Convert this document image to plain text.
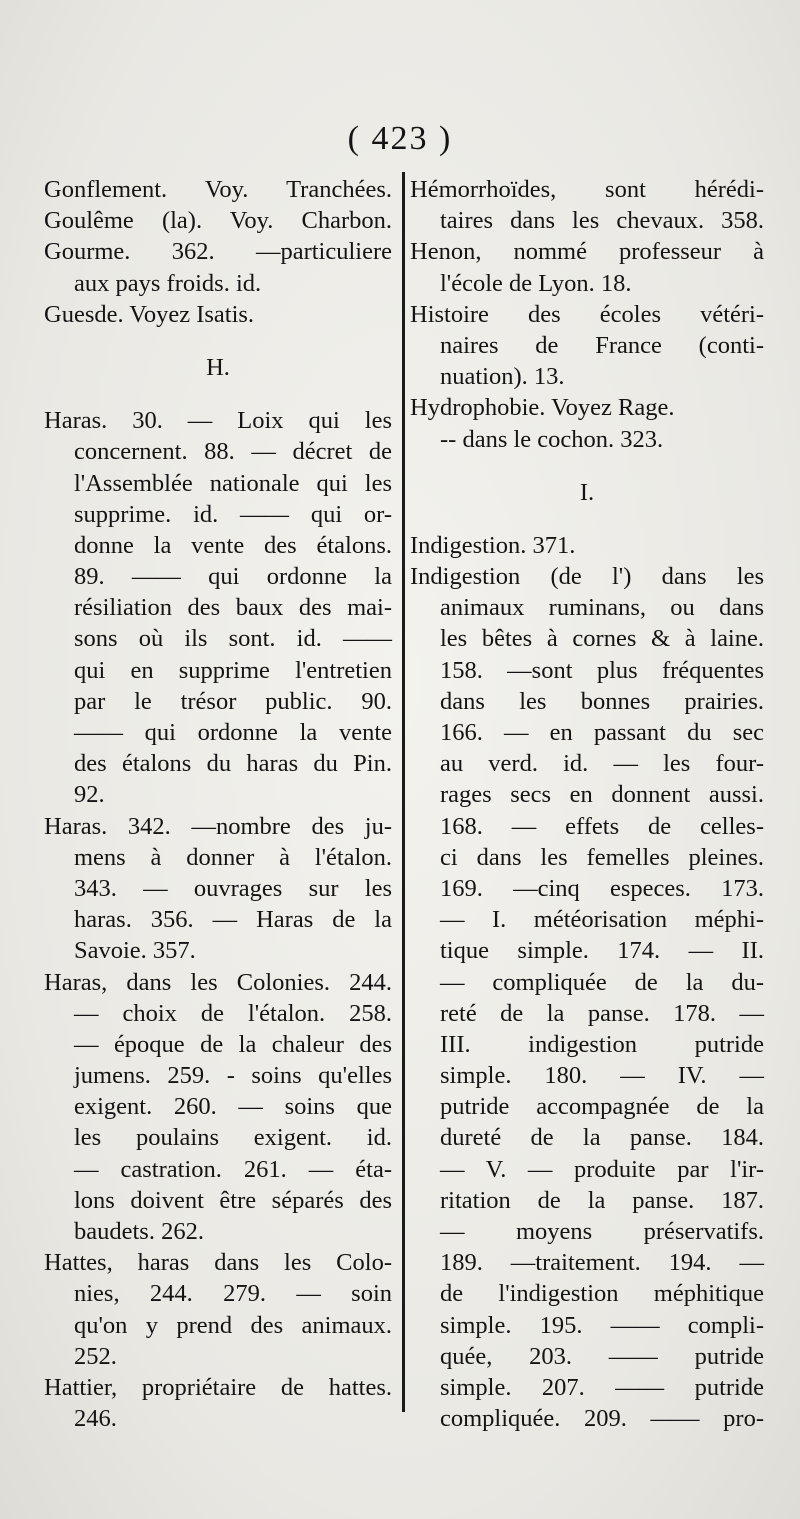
( 423 )
Gonflement. Voy. Tranchées.
Goulême (la). Voy. Charbon.
Gourme. 362. —particuliere
aux pays froids. id.
Guesde. Voyez Isatis.
H.
Haras. 30. — Loix qui les
concernent. 88. — décret de
l'Assemblée nationale qui les
supprime. id. —— qui or-
donne la vente des étalons.
89. —— qui ordonne la
résiliation des baux des mai-
sons où ils sont. id. ——
qui en supprime l'entretien
par le trésor public. 90.
—— qui ordonne la vente
des étalons du haras du Pin.
92.
Haras. 342. —nombre des ju-
mens à donner à l'étalon.
343. — ouvrages sur les
haras. 356. — Haras de la
Savoie. 357.
Haras, dans les Colonies. 244.
— choix de l'étalon. 258.
— époque de la chaleur des
jumens. 259. - soins qu'elles
exigent. 260. — soins que
les poulains exigent. id.
— castration. 261. — éta-
lons doivent être séparés des
baudets. 262.
Hattes, haras dans les Colo-
nies, 244. 279. — soin
qu'on y prend des animaux.
252.
Hattier, propriétaire de hattes.
246.
Hémorrhoïdes, sont hérédi-
taires dans les chevaux. 358.
Henon, nommé professeur à
l'école de Lyon. 18.
Histoire des écoles vétéri-
naires de France (conti-
nuation). 13.
Hydrophobie. Voyez Rage.
-- dans le cochon. 323.
I.
Indigestion. 371.
Indigestion (de l') dans les
animaux ruminans, ou dans
les bêtes à cornes & à laine.
158. —sont plus fréquentes
dans les bonnes prairies.
166. — en passant du sec
au verd. id. — les four-
rages secs en donnent aussi.
168. — effets de celles-
ci dans les femelles pleines.
169. —cinq especes. 173.
— I. météorisation méphi-
tique simple. 174. — II.
— compliquée de la du-
reté de la panse. 178. —
III. indigestion putride
simple. 180. — IV. —
putride accompagnée de la
dureté de la panse. 184.
— V. — produite par l'ir-
ritation de la panse. 187.
— moyens préservatifs.
189. —traitement. 194. —
de l'indigestion méphitique
simple. 195. —— compli-
quée, 203. —— putride
simple. 207. —— putride
compliquée. 209. —— pro-
